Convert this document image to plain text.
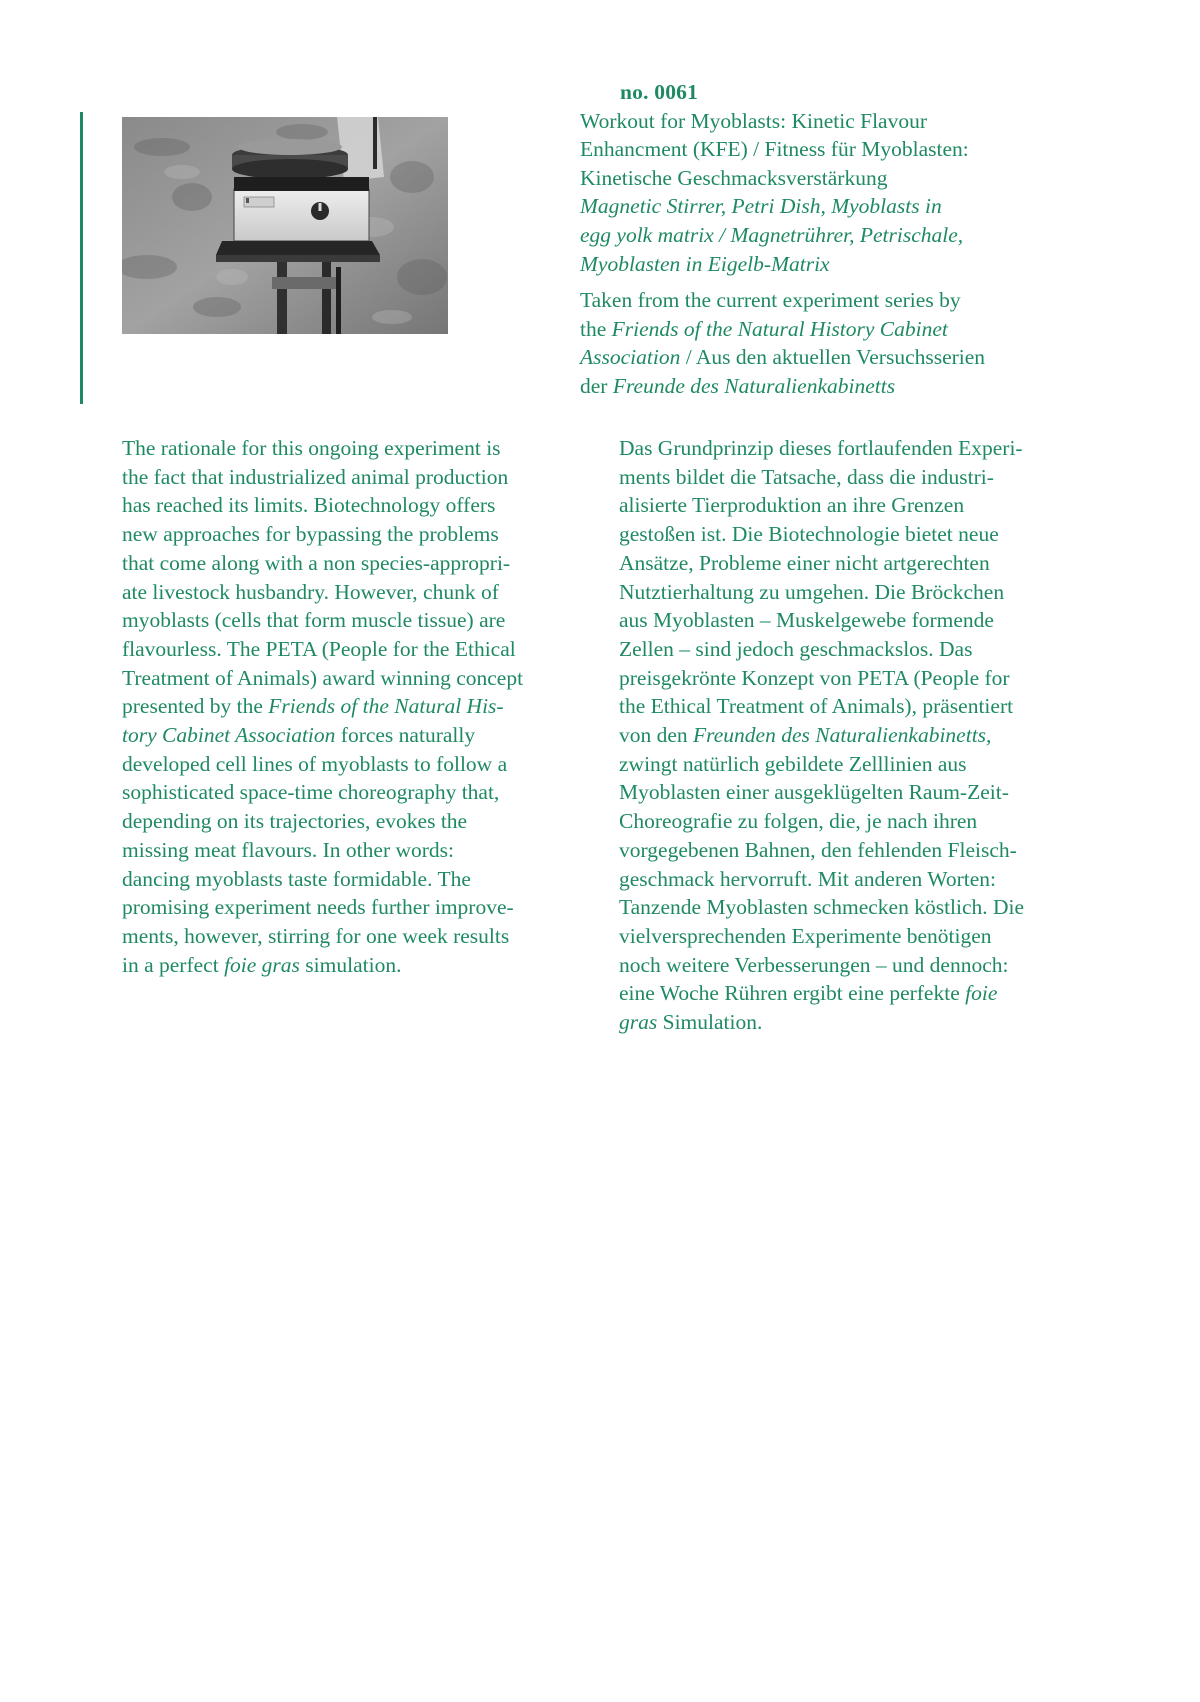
no. 0061
Workout for Myoblasts: Kinetic Flavour
Enhancment (KFE) / Fitness für Myoblasten:
Kinetische Geschmacksverstärkung
Magnetic Stirrer, Petri Dish, Myoblasts in
egg yolk matrix / Magnetrührer, Petrischale,
Myoblasten in Eigelb-Matrix
Taken from the current experiment series by
the Friends of the Natural History Cabinet
Association / Aus den aktuellen Versuchsserien
der Freunde des Naturalienkabinetts
The rationale for this ongoing experiment is
the fact that industrialized animal production
has reached its limits. Biotechnology offers
new approaches for bypassing the problems
that come along with a non species-appropri-
ate livestock husbandry. However, chunk of
myoblasts (cells that form muscle tissue) are
flavourless. The PETA (People for the Ethical
Treatment of Animals) award winning concept
presented by the Friends of the Natural His-
tory Cabinet Association forces naturally
developed cell lines of myoblasts to follow a
sophisticated space-time choreography that,
depending on its trajectories, evokes the
missing meat flavours. In other words:
dancing myoblasts taste formidable. The
promising experiment needs further improve-
ments, however, stirring for one week results
in a perfect foie gras simulation.
Das Grundprinzip dieses fortlaufenden Experi-
ments bildet die Tatsache, dass die industri-
alisierte Tierproduktion an ihre Grenzen
gestoßen ist. Die Biotechnologie bietet neue
Ansätze, Probleme einer nicht artgerechten
Nutztierhaltung zu umgehen. Die Bröckchen
aus Myoblasten – Muskelgewebe formende
Zellen – sind jedoch geschmackslos. Das
preisgekrönte Konzept von PETA (People for
the Ethical Treatment of Animals), präsentiert
von den Freunden des Naturalienkabinetts,
zwingt natürlich gebildete Zelllinien aus
Myoblasten einer ausgeklügelten Raum-Zeit-
Choreografie zu folgen, die, je nach ihren
vorgegebenen Bahnen, den fehlenden Fleisch-
geschmack hervorruft. Mit anderen Worten:
Tanzende Myoblasten schmecken köstlich. Die
vielversprechenden Experimente benötigen
noch weitere Verbesserungen – und dennoch:
eine Woche Rühren ergibt eine perfekte foie
gras Simulation.
